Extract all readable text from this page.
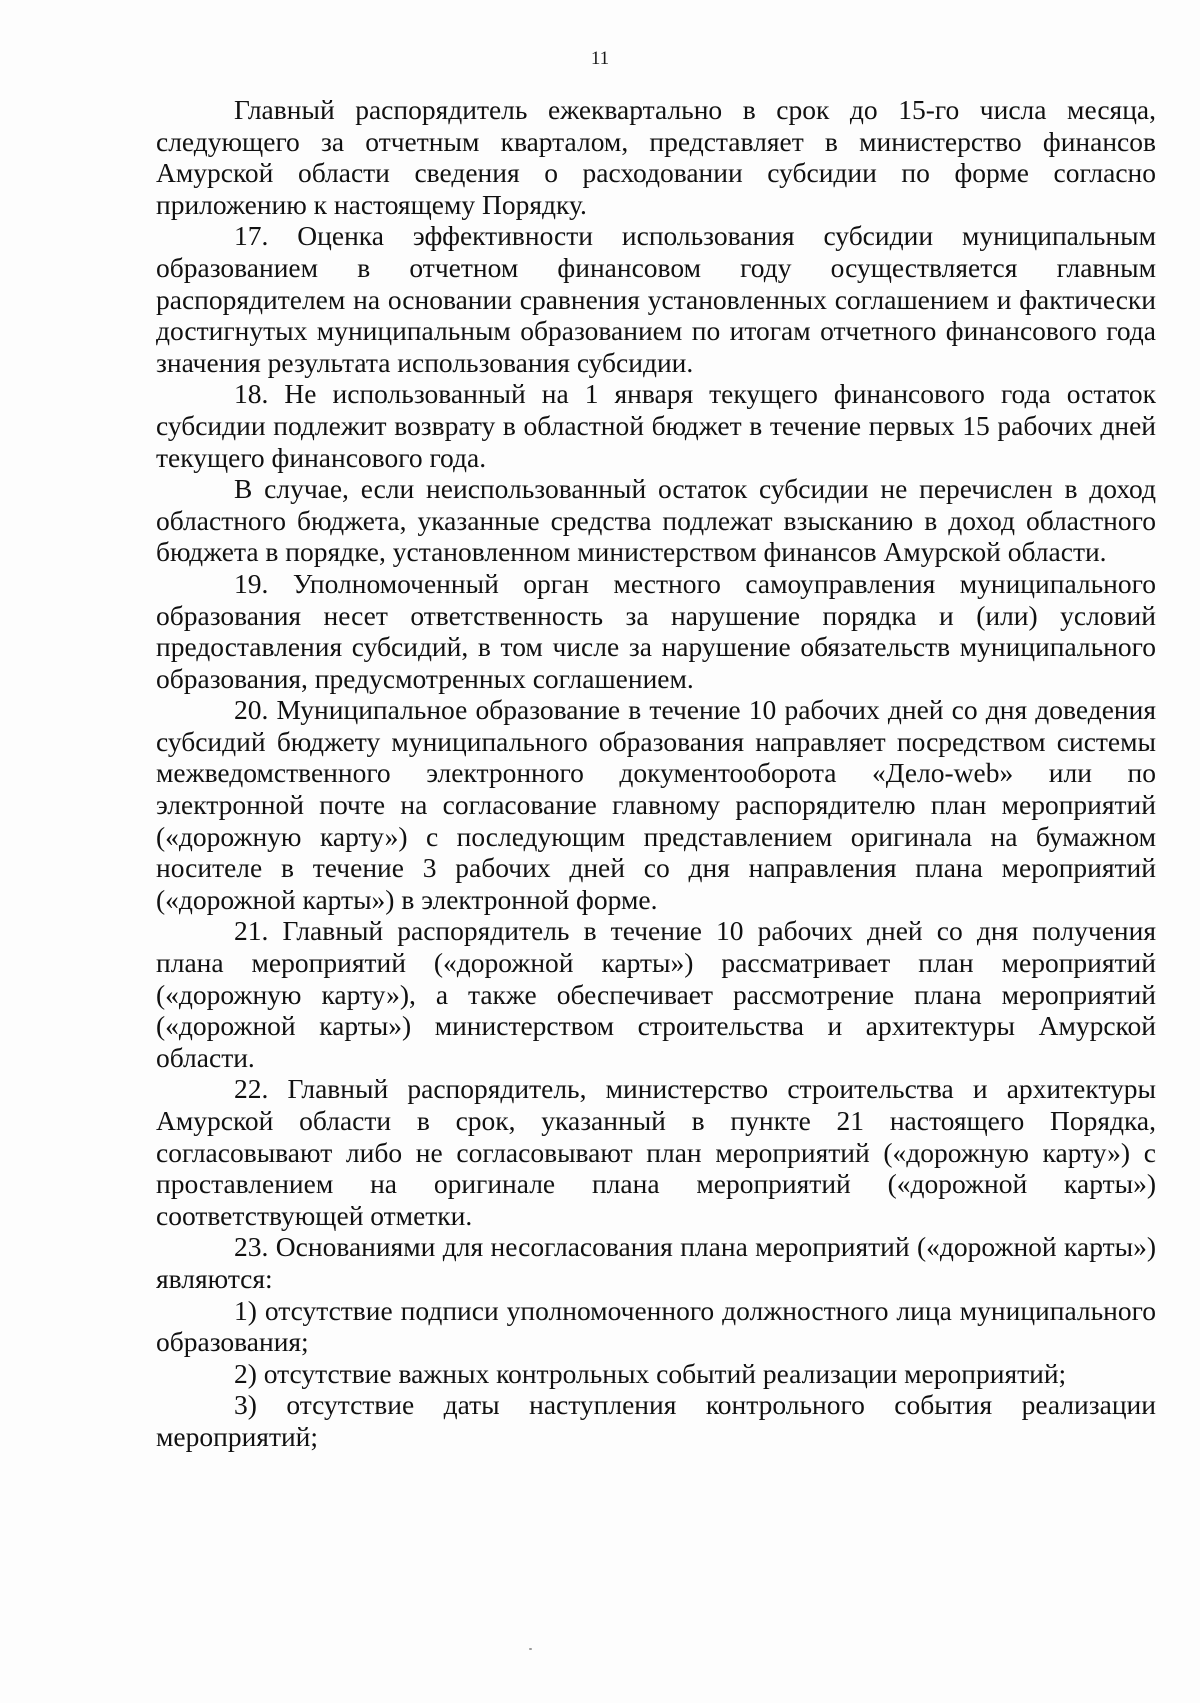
11

Главный распорядитель ежеквартально в срок до 15-го числа месяца, следующего за отчетным кварталом, представляет в министерство финансов Амурской области сведения о расходовании субсидии по форме согласно приложению к настоящему Порядку.

17. Оценка эффективности использования субсидии муниципальным образованием в отчетном финансовом году осуществляется главным распорядителем на основании сравнения установленных соглашением и фактически достигнутых муниципальным образованием по итогам отчетного финансового года значения результата использования субсидии.

18. Не использованный на 1 января текущего финансового года остаток субсидии подлежит возврату в областной бюджет в течение первых 15 рабочих дней текущего финансового года.

В случае, если неиспользованный остаток субсидии не перечислен в доход областного бюджета, указанные средства подлежат взысканию в доход областного бюджета в порядке, установленном министерством финансов Амурской области.

19. Уполномоченный орган местного самоуправления муниципального образования несет ответственность за нарушение порядка и (или) условий предоставления субсидий, в том числе за нарушение обязательств муниципального образования, предусмотренных соглашением.

20. Муниципальное образование в течение 10 рабочих дней со дня доведения субсидий бюджету муниципального образования направляет посредством системы межведомственного электронного документооборота «Дело-web» или по электронной почте на согласование главному распорядителю план мероприятий («дорожную карту») с последующим представлением оригинала на бумажном носителе в течение 3 рабочих дней со дня направления плана мероприятий («дорожной карты») в электронной форме.

21. Главный распорядитель в течение 10 рабочих дней со дня получения плана мероприятий («дорожной карты») рассматривает план мероприятий («дорожную карту»), а также обеспечивает рассмотрение плана мероприятий («дорожной карты») министерством строительства и архитектуры Амурской области.

22. Главный распорядитель, министерство строительства и архитектуры Амурской области в срок, указанный в пункте 21 настоящего Порядка, согласовывают либо не согласовывают план мероприятий («дорожную карту») с проставлением на оригинале плана мероприятий («дорожной карты») соответствующей отметки.

23. Основаниями для несогласования плана мероприятий («дорожной карты») являются:

1) отсутствие подписи уполномоченного должностного лица муниципального образования;

2) отсутствие важных контрольных событий реализации мероприятий;

3) отсутствие даты наступления контрольного события реализации мероприятий;
